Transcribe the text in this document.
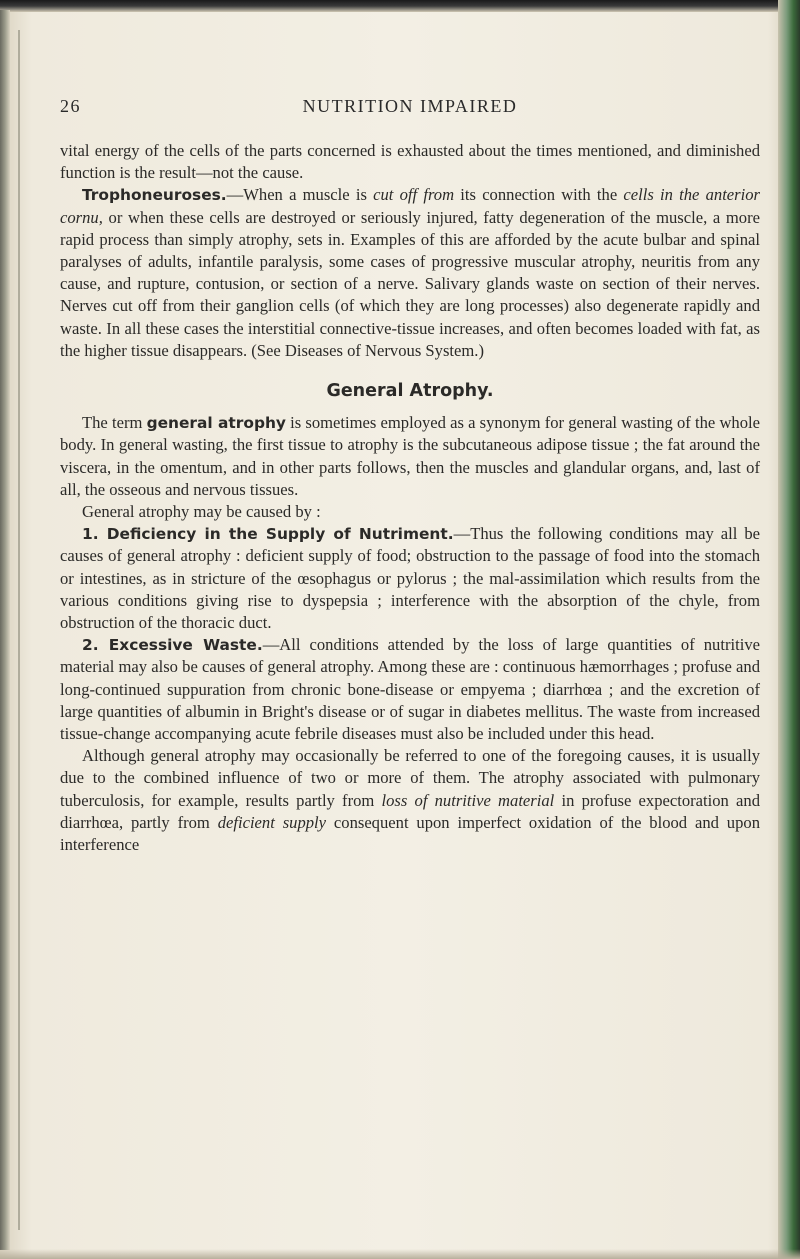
26	NUTRITION IMPAIRED

vital energy of the cells of the parts concerned is exhausted about the times mentioned, and diminished function is the result—not the cause.

Trophoneuroses.—When a muscle is cut off from its connection with the cells in the anterior cornu, or when these cells are destroyed or seriously injured, fatty degeneration of the muscle, a more rapid process than simply atrophy, sets in. Examples of this are afforded by the acute bulbar and spinal paralyses of adults, infantile paralysis, some cases of progressive muscular atrophy, neuritis from any cause, and rupture, contusion, or section of a nerve. Salivary glands waste on section of their nerves. Nerves cut off from their ganglion cells (of which they are long processes) also degenerate rapidly and waste. In all these cases the interstitial connective-tissue increases, and often becomes loaded with fat, as the higher tissue disappears. (See Diseases of Nervous System.)

General Atrophy.

The term general atrophy is sometimes employed as a synonym for general wasting of the whole body. In general wasting, the first tissue to atrophy is the subcutaneous adipose tissue ; the fat around the viscera, in the omentum, and in other parts follows, then the muscles and glandular organs, and, last of all, the osseous and nervous tissues.

General atrophy may be caused by :

1. Deficiency in the Supply of Nutriment.—Thus the following conditions may all be causes of general atrophy : deficient supply of food; obstruction to the passage of food into the stomach or intestines, as in stricture of the œsophagus or pylorus ; the mal-assimilation which results from the various conditions giving rise to dyspepsia ; interference with the absorption of the chyle, from obstruction of the thoracic duct.

2. Excessive Waste.—All conditions attended by the loss of large quantities of nutritive material may also be causes of general atrophy. Among these are : continuous hæmorrhages ; profuse and long-continued suppuration from chronic bone-disease or empyema ; diarrhœa ; and the excretion of large quantities of albumin in Bright's disease or of sugar in diabetes mellitus. The waste from increased tissue-change accompanying acute febrile diseases must also be included under this head.

Although general atrophy may occasionally be referred to one of the foregoing causes, it is usually due to the combined influence of two or more of them. The atrophy associated with pulmonary tuberculosis, for example, results partly from loss of nutritive material in profuse expectoration and diarrhœa, partly from deficient supply consequent upon imperfect oxidation of the blood and upon interference
